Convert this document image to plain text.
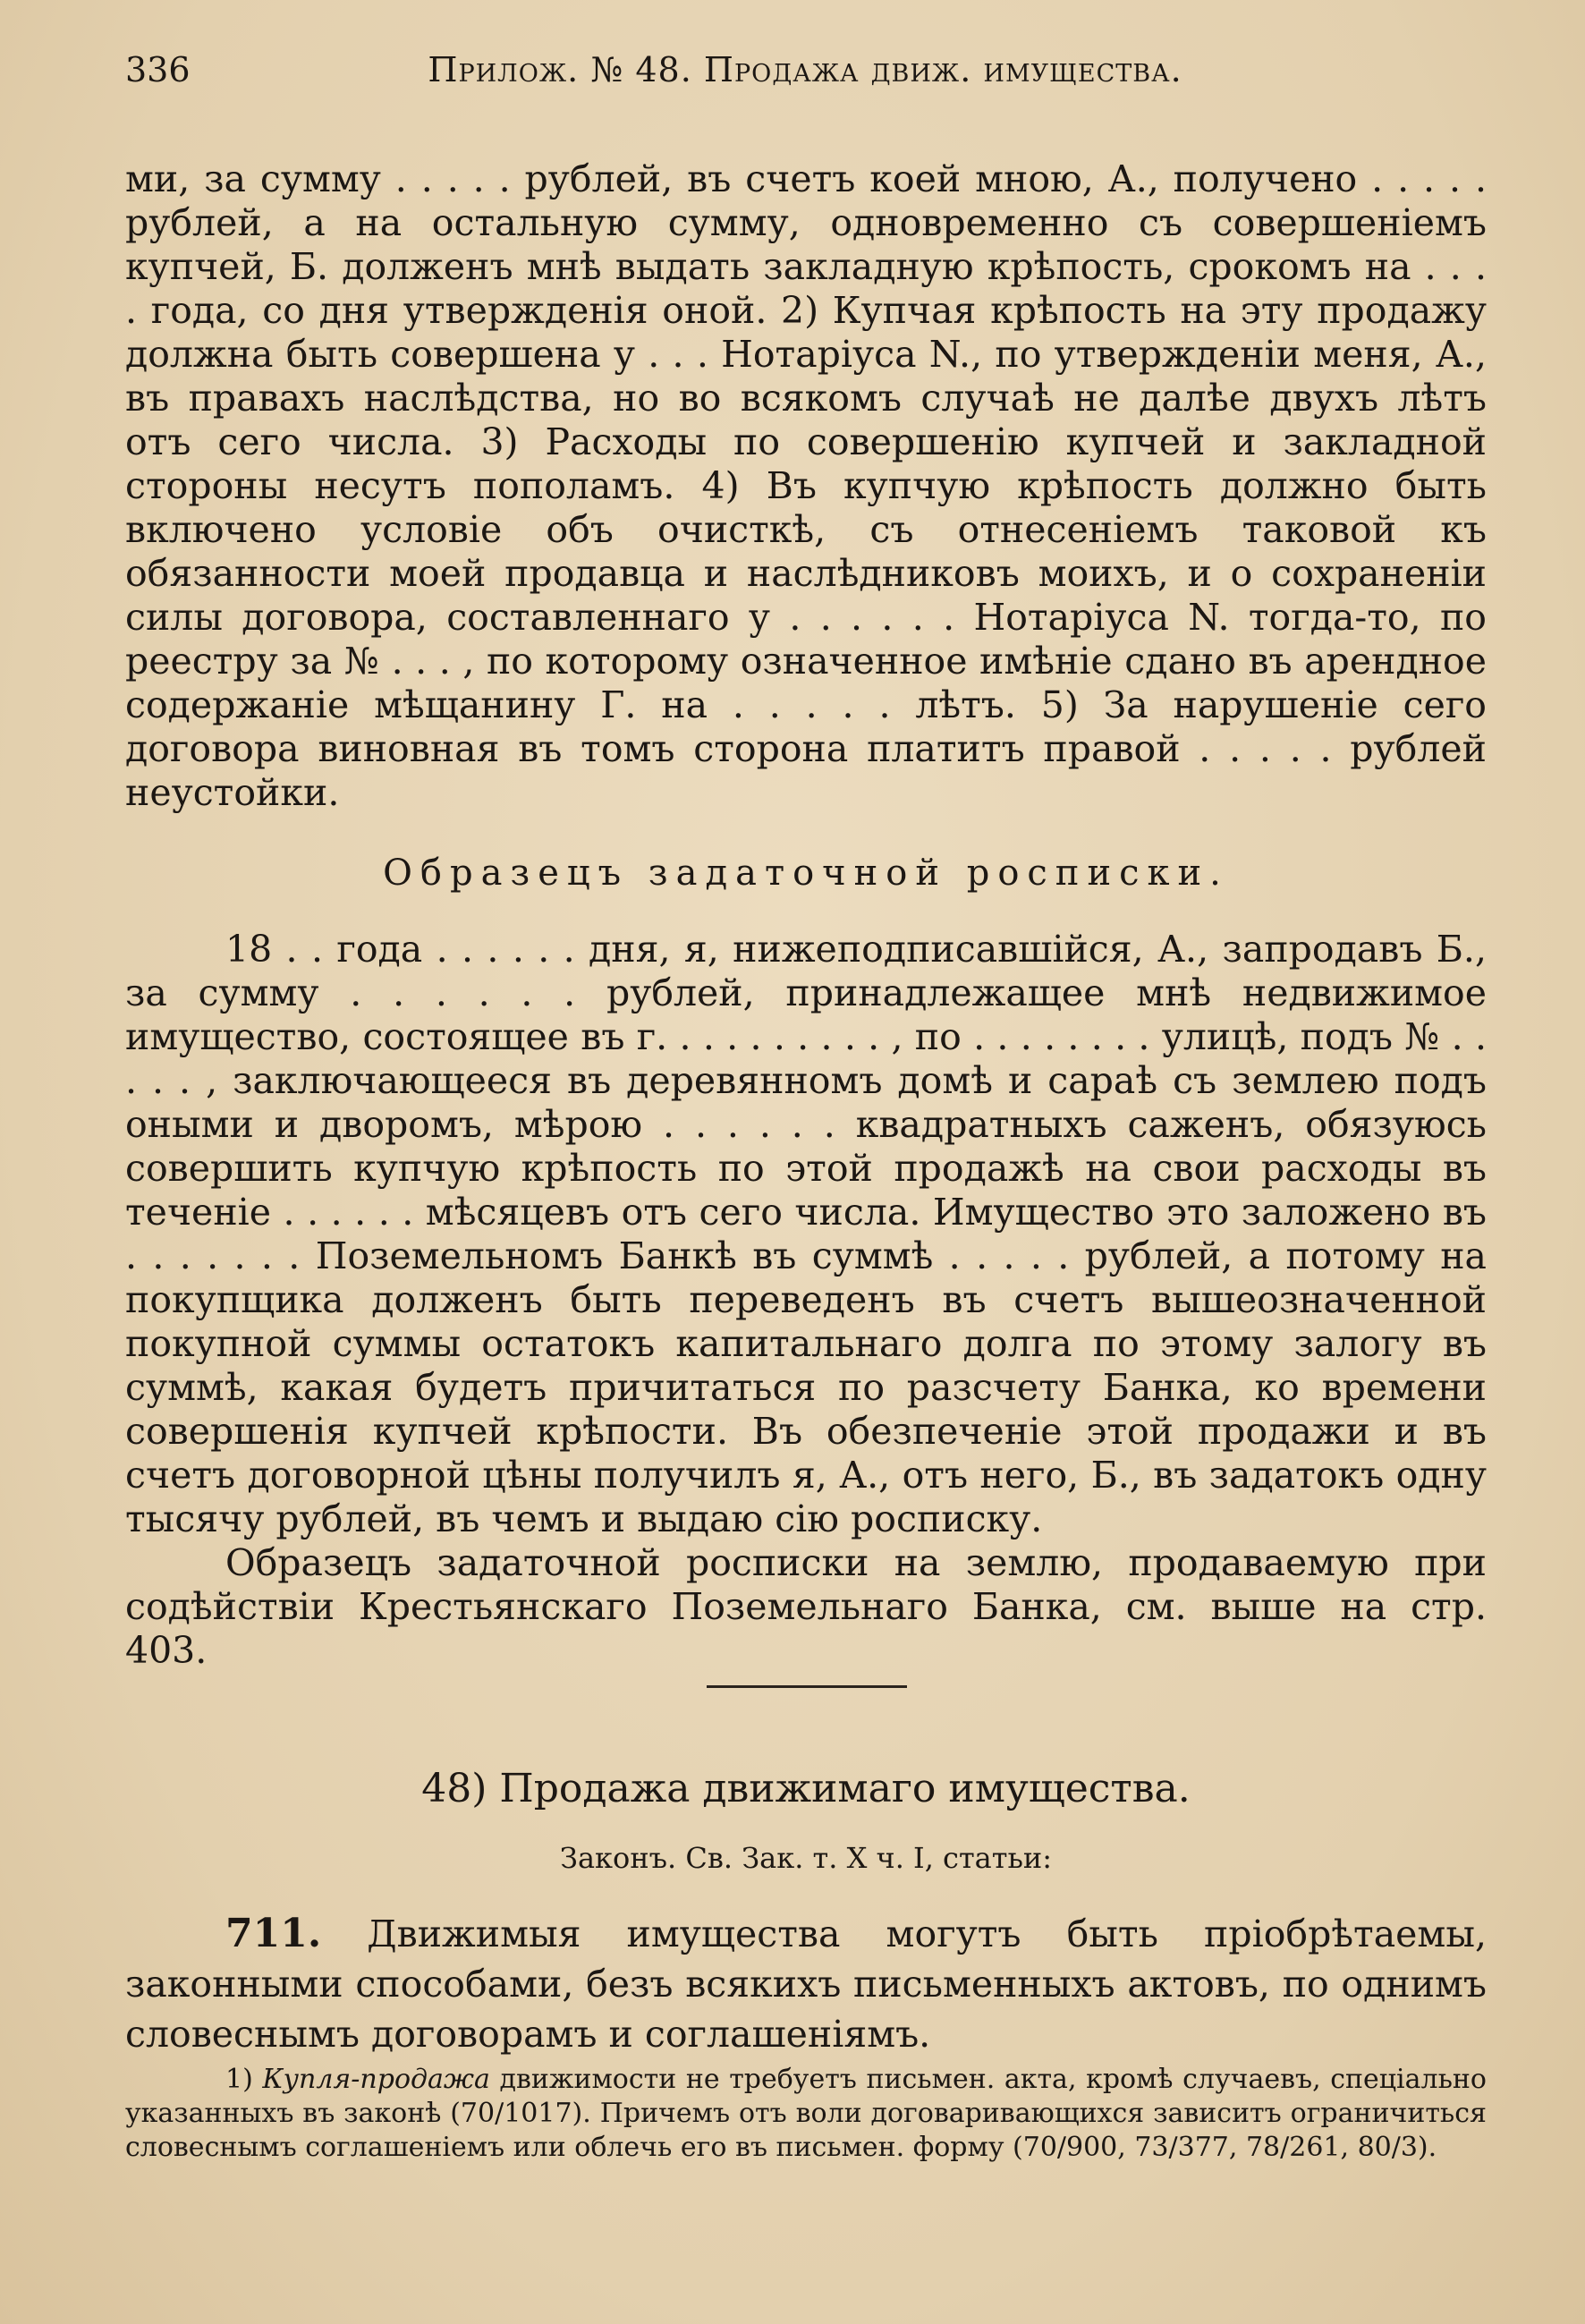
336	Прилож. № 48. Продажа движ. имущества.

ми, за сумму . . . . . рублей, въ счетъ коей мною, А., получено . . . . . рублей, а на остальную сумму, одновременно съ совершеніемъ купчей, Б. долженъ мнѣ выдать закладную крѣпость, срокомъ на . . . . года, со дня утвержденія оной. 2) Купчая крѣпость на эту продажу должна быть совершена у . . . Нотаріуса N., по утвержденіи меня, А., въ правахъ наслѣдства, но во всякомъ случаѣ не далѣе двухъ лѣтъ отъ сего числа. 3) Расходы по совершенію купчей и закладной стороны несутъ пополамъ. 4) Въ купчую крѣпость должно быть включено условіе объ очисткѣ, съ отнесеніемъ таковой къ обязанности моей продавца и наслѣдниковъ моихъ, и о сохраненіи силы договора, составленнаго у . . . . . . Нотаріуса N. тогда-то, по реестру за № . . . , по которому означенное имѣніе сдано въ арендное содержаніе мѣщанину Г. на . . . . . лѣтъ. 5) За нарушеніе сего договора виновная въ томъ сторона платитъ правой . . . . . рублей неустойки.

Образецъ задаточной росписки.

18 . . года . . . . . . дня, я, нижеподписавшійся, А., запродавъ Б., за сумму . . . . . . рублей, принадлежащее мнѣ недвижимое имущество, состоящее въ г. . . . . . . . . . , по . . . . . . . . улицѣ, подъ № . . . . . , заключающееся въ деревянномъ домѣ и сараѣ съ землею подъ оными и дворомъ, мѣрою . . . . . . квадратныхъ саженъ, обязуюсь совершить купчую крѣпость по этой продажѣ на свои расходы въ теченіе . . . . . . мѣсяцевъ отъ сего числа. Имущество это заложено въ . . . . . . . Поземельномъ Банкѣ въ суммѣ . . . . . рублей, а потому на покупщика долженъ быть переведенъ въ счетъ вышеозначенной покупной суммы остатокъ капитальнаго долга по этому залогу въ суммѣ, какая будетъ причитаться по разсчету Банка, ко времени совершенія купчей крѣпости. Въ обезпеченіе этой продажи и въ счетъ договорной цѣны получилъ я, А., отъ него, Б., въ задатокъ одну тысячу рублей, въ чемъ и выдаю сію росписку.

Образецъ задаточной росписки на землю, продаваемую при содѣйствіи Крестьянскаго Поземельнаго Банка, см. выше на стр. 403.

48) Продажа движимаго имущества.
Законъ. Св. Зак. т. X ч. I, статьи:

711. Движимыя имущества могутъ быть пріобрѣтаемы, законными способами, безъ всякихъ письменныхъ актовъ, по однимъ словеснымъ договорамъ и соглашеніямъ.

1) Купля-продажа движимости не требуетъ письмен. акта, кромѣ случаевъ, спеціально указанныхъ въ законѣ (70/1017). Причемъ отъ воли договаривающихся зависитъ ограничиться словеснымъ соглашеніемъ или облечь его въ письмен. форму (70/900, 73/377, 78/261, 80/3).
